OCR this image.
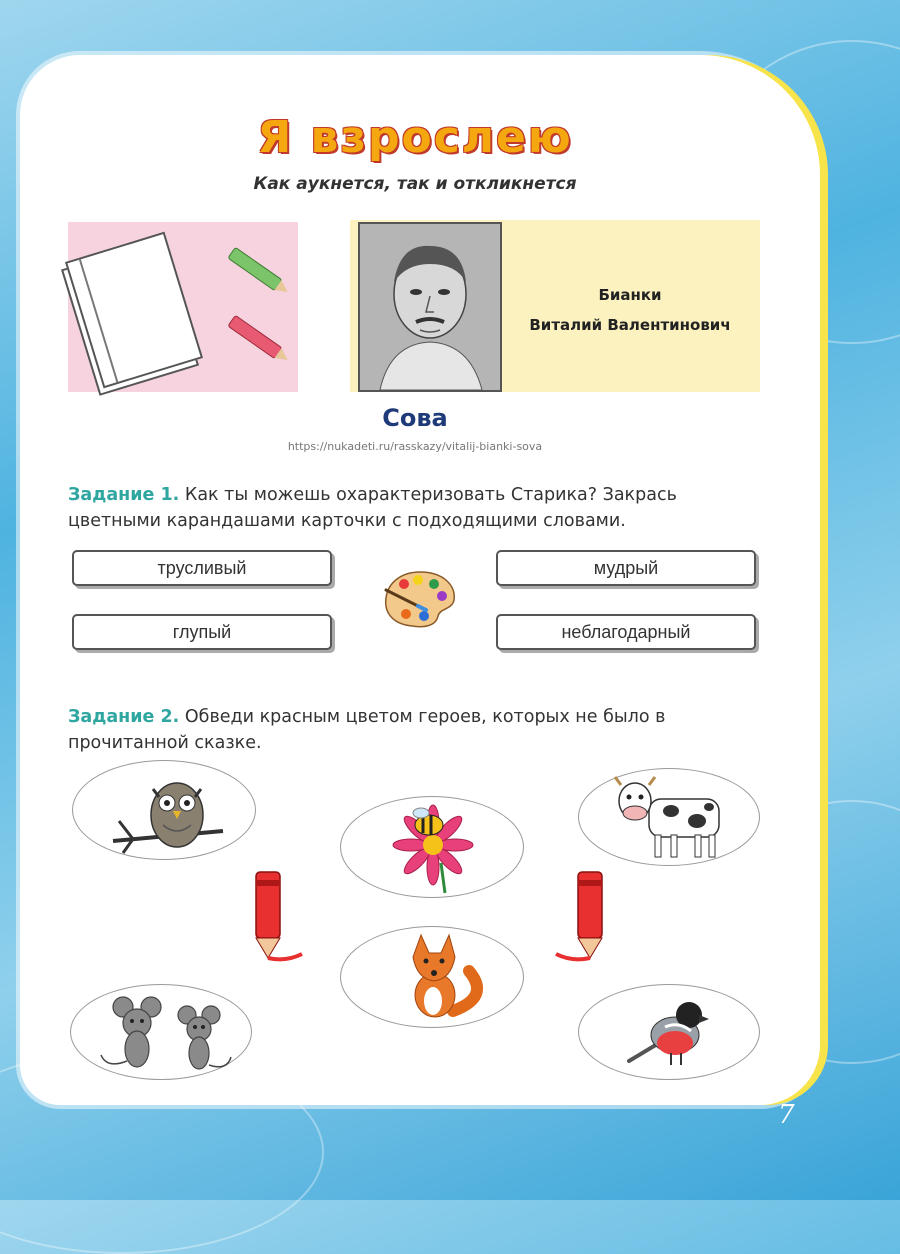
Я взрослею
Как аукнется, так и откликнется
Бианки
Виталий Валентинович
Сова
https://nukadeti.ru/rasskazy/vitalij-bianki-sova
Задание 1. Как ты можешь охарактеризовать Старика? Закрась цветными карандашами карточки с подходящими словами.
трусливый	мудрый
глупый	неблагодарный
Задание 2. Обведи красным цветом героев, которых не было в прочитанной сказке.
7
